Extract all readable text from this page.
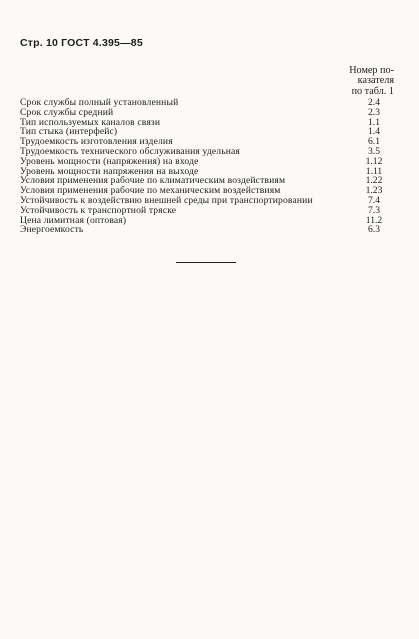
Стр. 10 ГОСТ 4.395—85
Номер по-
казателя
по табл. 1
Срок службы полный установленный	2.4
Срок службы средний	2.3
Тип используемых каналов связи	1.1
Тип стыка (интерфейс)	1.4
Трудоемкость изготовления изделия	6.1
Трудоемкость технического обслуживания удельная	3.5
Уровень мощности (напряжения) на входе	1.12
Уровень мощности напряжения на выходе	1.11
Условия применения рабочие по климатическим воздействиям	1.22
Условия применения рабочие по механическим воздействиям	1.23
Устойчивость к воздействию внешней среды при транспортировании	7.4
Устойчивость к транспортной тряске	7.3
Цена лимитная (оптовая)	11.2
Энергоемкость	6.3
